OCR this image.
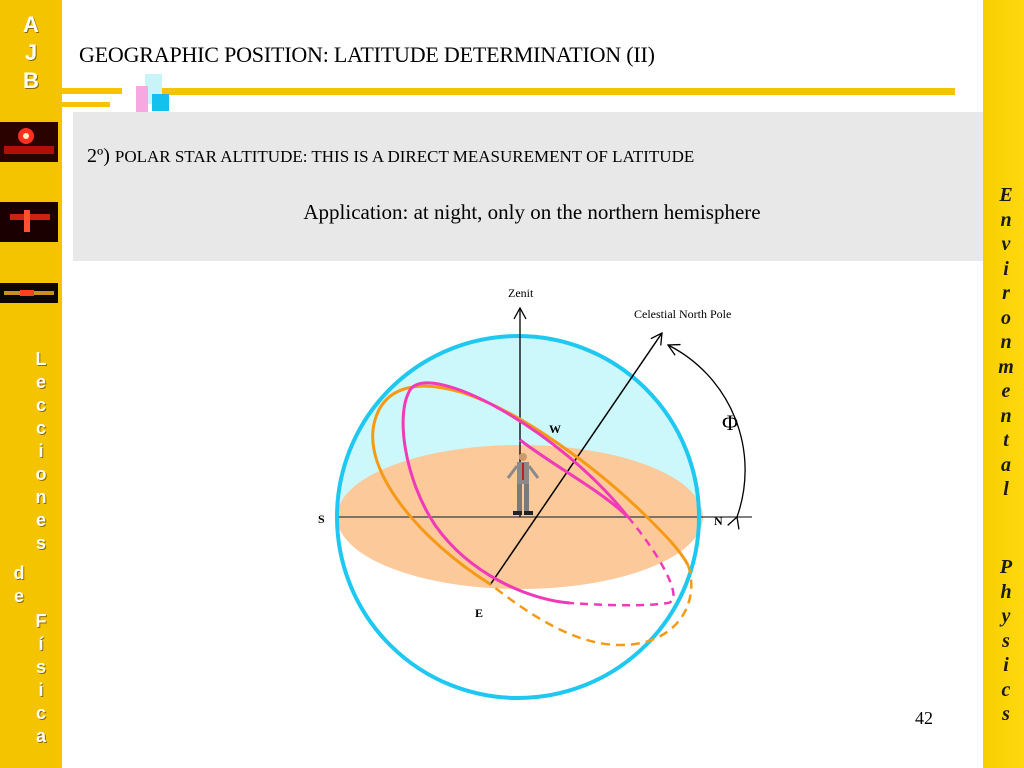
A
J
B
L
e
c
c
i
o
n
e
s
d
e
F
í
s
i
c
a
E
n
v
i
r
o
n
m
e
n
t
a
l
P
h
y
s
i
c
s
GEOGRAPHIC POSITION: LATITUDE DETERMINATION (II)
2º) POLAR STAR ALTITUDE: THIS IS A DIRECT MEASUREMENT OF LATITUDE
Application: at night, only on the northern hemisphere
Zenit
Celestial North Pole
Φ
N
S
W
E
42
